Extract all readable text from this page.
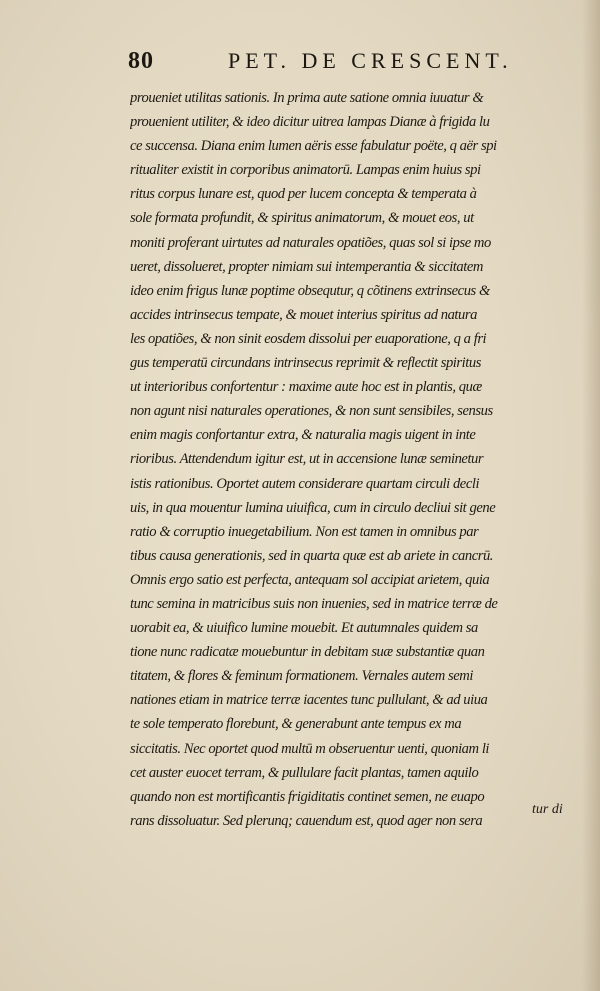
80	PET. DE CRESCENT.
proueniet utilitas sationis. In prima aute satione omnia iuuatur &
prouenient utiliter, & ideo dicitur uitrea lampas Dianæ à frigida lu
ce succensa. Diana enim lumen aëris esse fabulatur poëte, q aër spi
ritualiter existit in corporibus animatorū. Lampas enim huius spi
ritus corpus lunare est, quod per lucem concepta & temperata à
sole formata profundit, & spiritus animatorum, & mouet eos, ut
moniti proferant uirtutes ad naturales opatiões, quas sol si ipse mo
ueret, dissolueret, propter nimiam sui intemperantia & siccitatem
ideo enim frigus lunæ poptime obsequtur, q cõtinens extrinsecus &
accides intrinsecus tempate, & mouet interius spiritus ad natura
les opatiões, & non sinit eosdem dissolui per euaporatione, q a fri
gus temperatū circundans intrinsecus reprimit & reflectit spiritus
ut interioribus confortentur : maxime aute hoc est in plantis, quæ
non agunt nisi naturales operationes, & non sunt sensibiles, sensus
enim magis confortantur extra, & naturalia magis uigent in inte
rioribus. Attendendum igitur est, ut in accensione lunæ seminetur
istis rationibus. Oportet autem considerare quartam circuli decli
uis, in qua mouentur lumina uiuifica, cum in circulo decliui sit gene
ratio & corruptio inuegetabilium. Non est tamen in omnibus par
tibus causa generationis, sed in quarta quæ est ab ariete in cancrū.
Omnis ergo satio est perfecta, antequam sol accipiat arietem, quia
tunc semina in matricibus suis non inuenies, sed in matrice terræ de
uorabit ea, & uiuifico lumine mouebit. Et autumnales quidem sa
tione nunc radicatæ mouebuntur in debitam suæ substantiæ quan
titatem, & flores & feminum formationem. Vernales autem semi
nationes etiam in matrice terræ iacentes tunc pullulant, & ad uiua
te sole temperato florebunt, & generabunt ante tempus ex ma
siccitatis. Nec oportet quod multū m obseruentur uenti, quoniam li
cet auster euocet terram, & pullulare facit plantas, tamen aquilo
quando non est mortificantis frigiditatis continet semen, ne euapo
rans dissoluatur. Sed plerunq; cauendum est, quod ager non sera
tur di
